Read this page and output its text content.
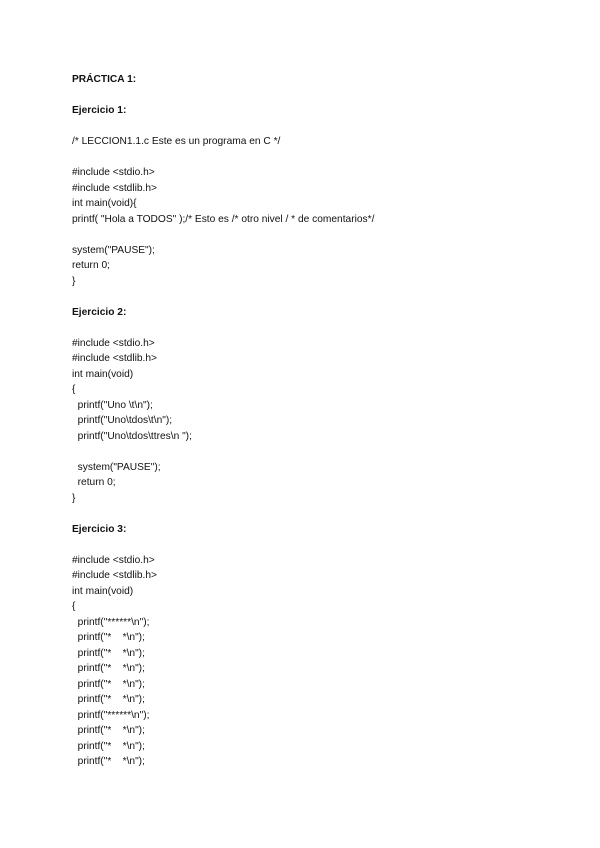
PRÁCTICA 1:
Ejercicio 1:
/* LECCION1.1.c Este es un programa en C */
#include <stdio.h>
#include <stdlib.h>
int main(void){
printf( "Hola a TODOS" );/* Esto es /* otro nivel / * de comentarios*/
system("PAUSE");
return 0;
}
Ejercicio 2:
#include <stdio.h>
#include <stdlib.h>
int main(void)
{
printf("Uno \t\n");
printf("Uno\tdos\t\n");
printf("Uno\tdos\ttres\n ");
system("PAUSE");
return 0;
}
Ejercicio 3:
#include <stdio.h>
#include <stdlib.h>
int main(void)
{
printf("******\n");
printf("*    *\n");
printf("*    *\n");
printf("*    *\n");
printf("*    *\n");
printf("*    *\n");
printf("******\n");
printf("*    *\n");
printf("*    *\n");
printf("*    *\n");
